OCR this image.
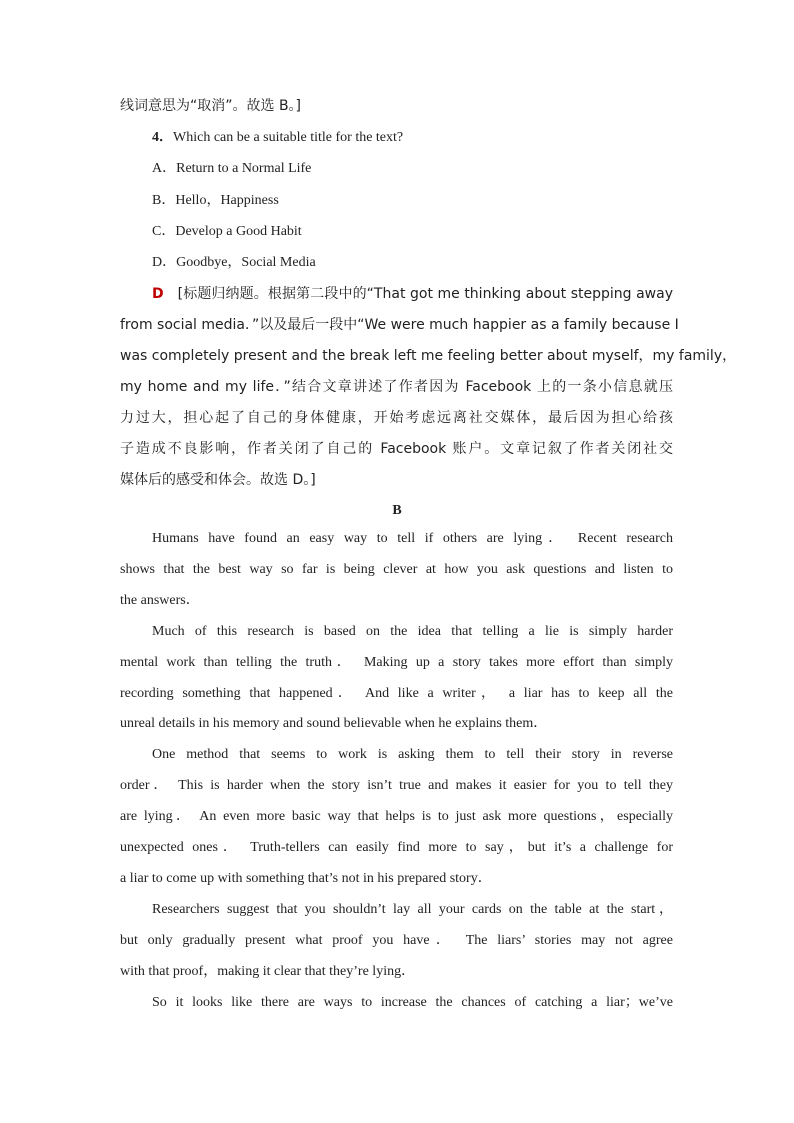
线词意思为“取消”。故选 B。]
4．Which can be a suitable title for the text?
A．Return to a Normal Life
B．Hello，Happiness
C．Develop a Good Habit
D．Goodbye，Social Media
D [标题归纳题。根据第二段中的“That got me thinking about stepping away
from social media．”以及最后一段中“We were much happier as a family because I
was completely present and the break left me feeling better about myself，my family，
my home and my life．”结合文章讲述了作者因为 Facebook 上的一条小信息就压
力过大，担心起了自己的身体健康，开始考虑远离社交媒体，最后因为担心给孩
子造成不良影响，作者关闭了自己的 Facebook 账户。文章记叙了作者关闭社交
媒体后的感受和体会。故选 D。]
B
Humans have found an easy way to tell if others are lying． Recent research
shows that the best way so far is being clever at how you ask questions and listen to
the answers．
Much of this research is based on the idea that telling a lie is simply harder
mental work than telling the truth． Making up a story takes more effort than simply
recording something that happened． And like a writer， a liar has to keep all the
unreal details in his memory and sound believable when he explains them．
One method that seems to work is asking them to tell their story in reverse
order． This is harder when the story isn’t true and makes it easier for you to tell they
are lying． An even more basic way that helps is to just ask more questions，especially
unexpected ones． Truth-tellers can easily find more to say，but it’s a challenge for
a liar to come up with something that’s not in his prepared story．
Researchers suggest that you shouldn’t lay all your cards on the table at the start，
but only gradually present what proof you have． The liars’ stories may not agree
with that proof，making it clear that they’re lying．
So it looks like there are ways to increase the chances of catching a liar；we’ve
